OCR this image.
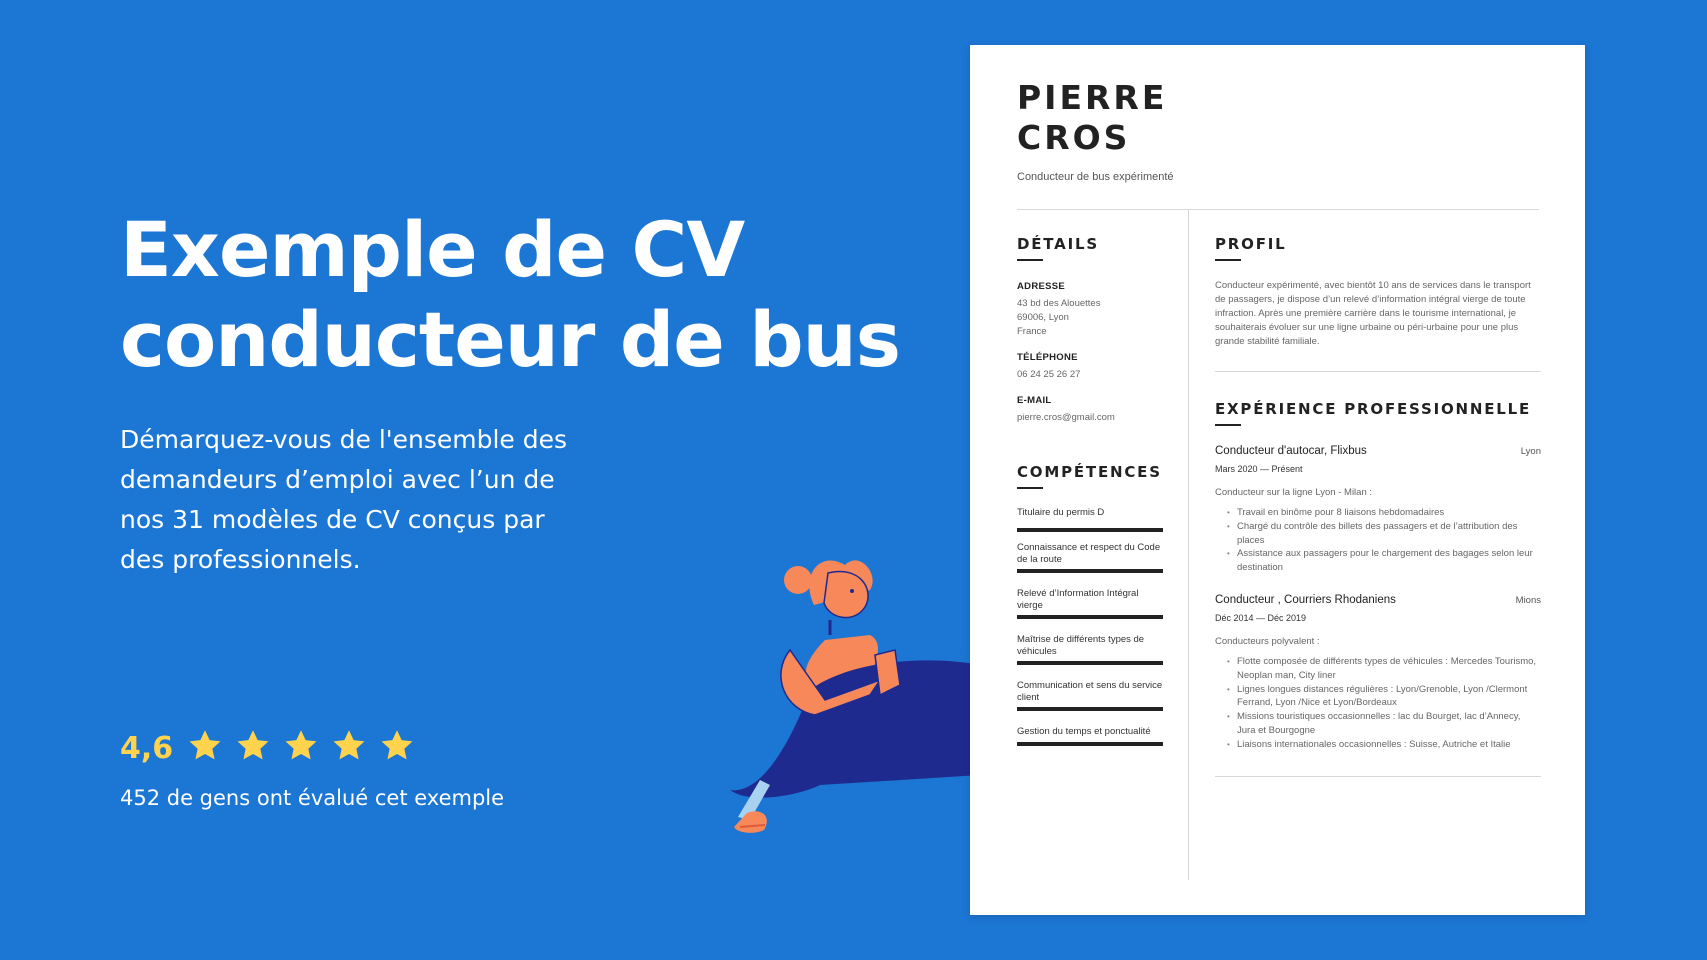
Exemple de CV
conducteur de bus

Démarquez-vous de l'ensemble des demandeurs d’emploi avec l’un de nos 31 modèles de CV conçus par des professionnels.

4,6
452 de gens ont évalué cet exemple
PIERRE
CROS
Conducteur de bus expérimenté
DÉTAILS
ADRESSE
43 bd des Alouettes
69006, Lyon
France
TÉLÉPHONE
06 24 25 26 27
E-MAIL
pierre.cros@gmail.com
COMPÉTENCES
Titulaire du permis D
Connaissance et respect du Code de la route
Relevé d’Information Intégral vierge
Maîtrise de différents types de véhicules
Communication et sens du service client
Gestion du temps et ponctualité
PROFIL

Conducteur expérimenté, avec bientôt 10 ans de services dans le transport de passagers, je dispose d’un relevé d’information intégral vierge de toute infraction. Après une première carrière dans le tourisme international, je souhaiterais évoluer sur une ligne urbaine ou péri-urbaine pour une plus grande stabilité familiale.

EXPÉRIENCE PROFESSIONNELLE
Conducteur d'autocar, Flixbus	Lyon
Mars 2020 — Présent
Conducteur sur la ligne Lyon - Milan :
• Travail en binôme pour 8 liaisons hebdomadaires
• Chargé du contrôle des billets des passagers et de l’attribution des places
• Assistance aux passagers pour le chargement des bagages selon leur destination
Conducteur , Courriers Rhodaniens	Mions
Déc 2014 — Déc 2019
Conducteurs polyvalent :
• Flotte composée de différents types de véhicules : Mercedes Tourismo, Neoplan man, City liner
• Lignes longues distances régulières : Lyon/Grenoble, Lyon /Clermont Ferrand, Lyon /Nice et Lyon/Bordeaux
• Missions touristiques occasionnelles : lac du Bourget, lac d’Annecy, Jura et Bourgogne
• Liaisons internationales occasionnelles : Suisse, Autriche et Italie
